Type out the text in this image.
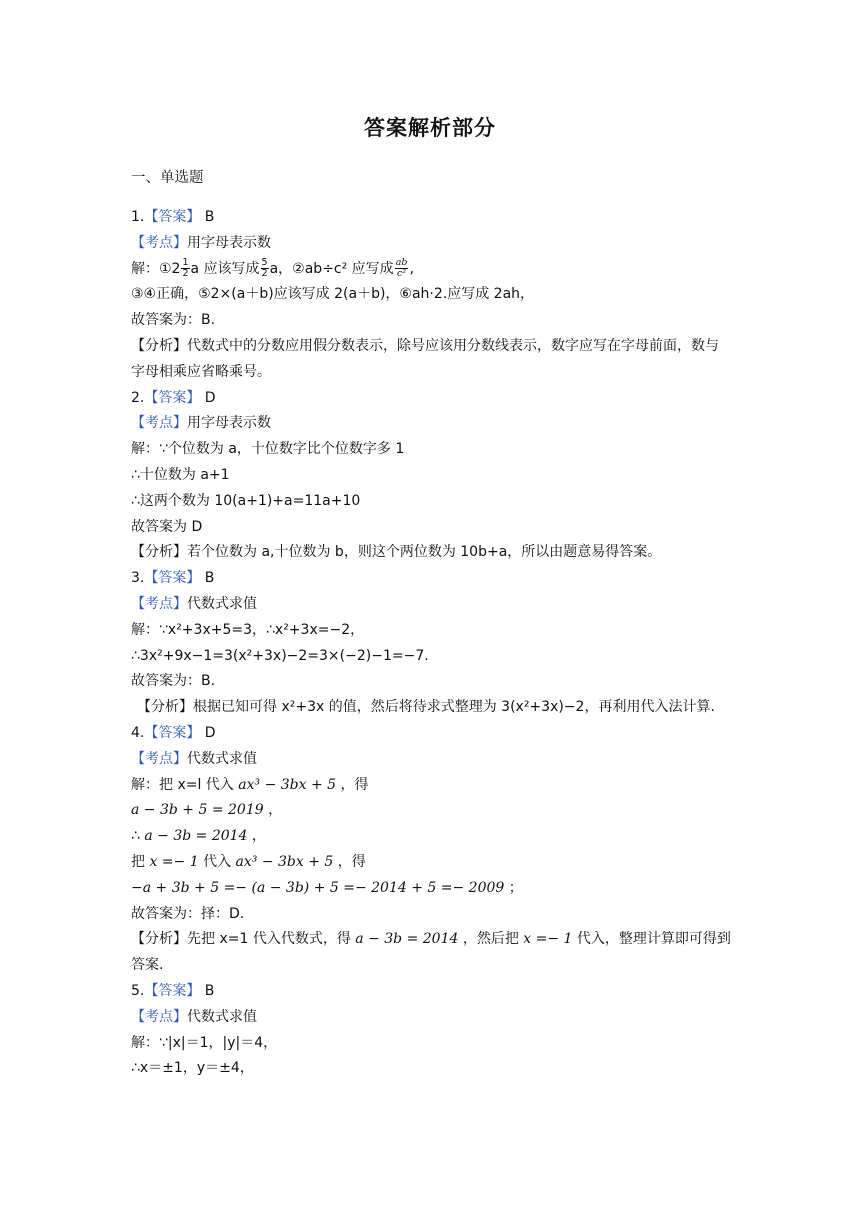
答案解析部分
一、单选题
1.【答案】 B
【考点】用字母表示数
解：①2 $\frac{1}{2}$ a 应该写成 $\frac{5}{2}$ a，②ab÷c² 应写成 $\frac{ab}{\text{c²}}$ ,
③④正确，⑤2×(a＋b)应该写成 2(a＋b)，⑥ah·2.应写成 2ah，
故答案为：B.
【分析】代数式中的分数应用假分数表示，除号应该用分数线表示，数字应写在字母前面，数与字母相乘应省略乘号。
2.【答案】 D
【考点】用字母表示数
解：∵个位数为 a，十位数字比个位数字多 1
∴十位数为 a+1
∴这两个数为 10(a+1)+a=11a+10
故答案为 D
【分析】若个位数为 a,十位数为 b，则这个两位数为 10b+a，所以由题意易得答案。
3.【答案】 B
【考点】代数式求值
解：∵x²+3x+5=3，∴x²+3x=−2，
∴3x²+9x−1=3(x²+3x)−2=3×(−2)−1=−7.
故答案为：B.
【分析】根据已知可得 x²+3x 的值，然后将待求式整理为 3(x²+3x)−2，再利用代入法计算.
4.【答案】 D
【考点】代数式求值
解：把 x=l 代入 ax³ − 3bx + 5 ，得
a − 3b + 5 = 2019 ，
∴ a − 3b = 2014 ，
把 x =− 1 代入 ax³ − 3bx + 5 ，得
−a + 3b + 5 =− (a − 3b) + 5 =− 2014 + 5 =− 2009 ；
故答案为：择：D.
【分析】先把 x=1 代入代数式，得 a − 3b = 2014 ，然后把 x =− 1 代入，整理计算即可得到答案.
5.【答案】 B
【考点】代数式求值
解：∵|x|＝1，|y|＝4，
∴x＝±1，y＝±4，
